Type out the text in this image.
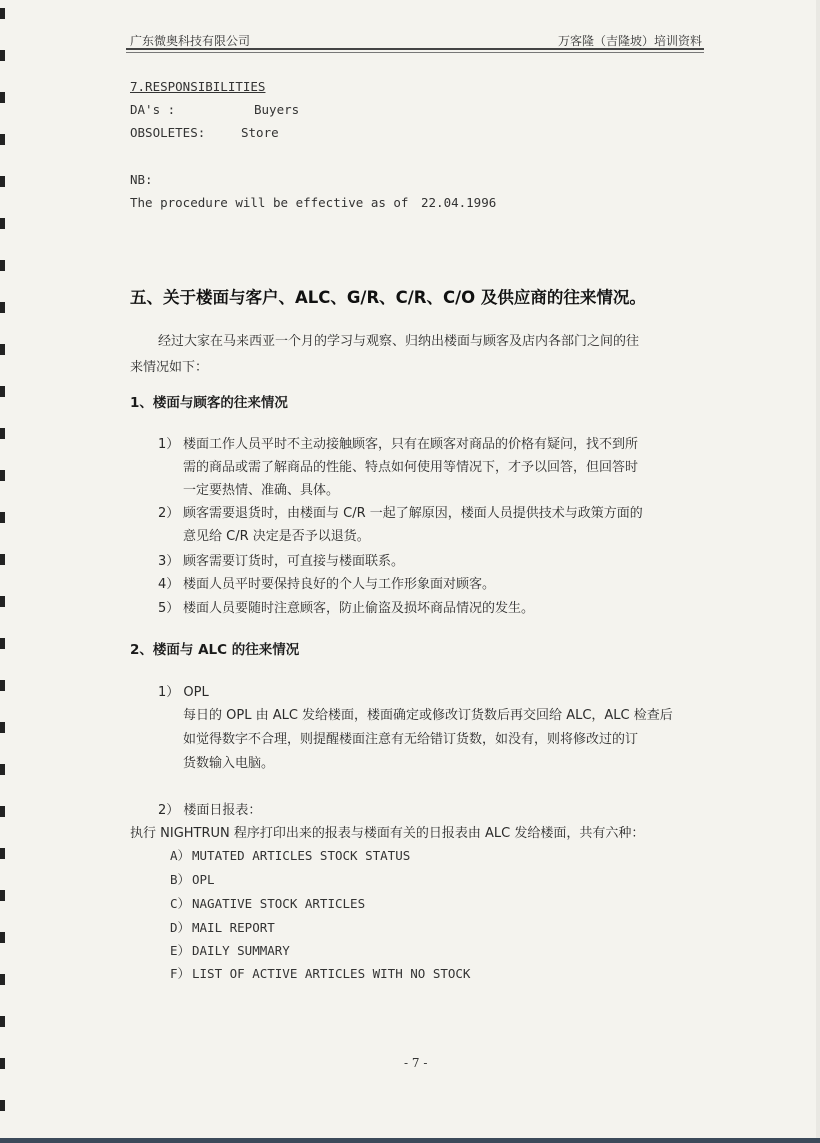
广东微奥科技有限公司	万客隆（吉隆坡）培训资料
7.RESPONSIBILITIES
DA's :	Buyers
OBSOLETES:	Store
NB:
The procedure will be effective as of 22.04.1996
五、关于楼面与客户、ALC、G/R、C/R、C/O 及供应商的往来情况。
经过大家在马来西亚一个月的学习与观察、归纳出楼面与顾客及店内各部门之间的往
来情况如下：
1、楼面与顾客的往来情况
1） 楼面工作人员平时不主动接触顾客，只有在顾客对商品的价格有疑问，找不到所
需的商品或需了解商品的性能、特点如何使用等情况下，才予以回答，但回答时
一定要热情、准确、具体。
2） 顾客需要退货时，由楼面与 C/R 一起了解原因，楼面人员提供技术与政策方面的
意见给 C/R 决定是否予以退货。
3） 顾客需要订货时，可直接与楼面联系。
4） 楼面人员平时要保持良好的个人与工作形象面对顾客。
5） 楼面人员要随时注意顾客，防止偷盗及损坏商品情况的发生。
2、楼面与 ALC 的往来情况
1） OPL
每日的 OPL 由 ALC 发给楼面，楼面确定或修改订货数后再交回给 ALC，ALC 检查后
如觉得数字不合理，则提醒楼面注意有无给错订货数，如没有，则将修改过的订
货数输入电脑。
2） 楼面日报表：
执行 NIGHTRUN 程序打印出来的报表与楼面有关的日报表由 ALC 发给楼面，共有六种：
A） MUTATED ARTICLES STOCK STATUS
B） OPL
C） NAGATIVE STOCK ARTICLES
D） MAIL REPORT
E） DAILY SUMMARY
F） LIST OF ACTIVE ARTICLES WITH NO STOCK
- 7 -
